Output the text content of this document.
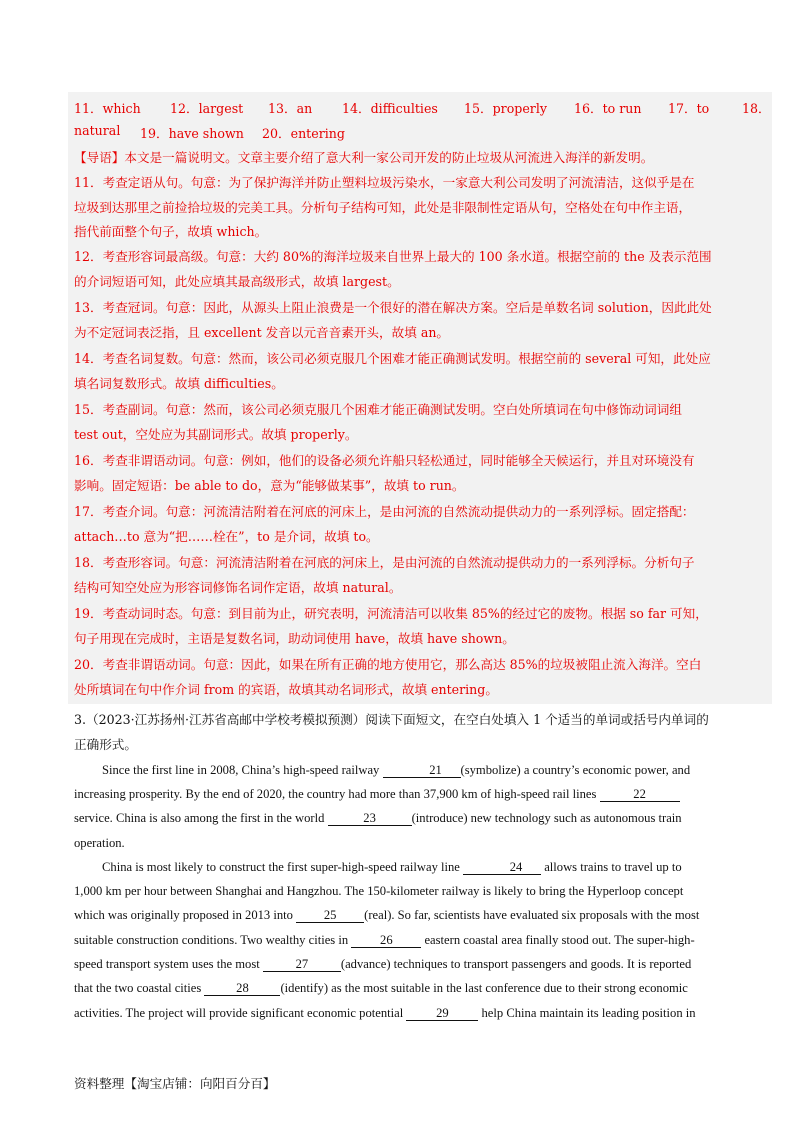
11．which 12．largest 13．an 14．difficulties 15．properly 16．to run 17．to	18．
natural 19．have shown 20．entering
【导语】本文是一篇说明文。文章主要介绍了意大利一家公司开发的防止垃圾从河流进入海洋的新发明。
11．考查定语从句。句意：为了保护海洋并防止塑料垃圾污染水，一家意大利公司发明了河流清洁，这似乎是在
垃圾到达那里之前捡拾垃圾的完美工具。分析句子结构可知，此处是非限制性定语从句，空格处在句中作主语，
指代前面整个句子，故填 which。
12．考查形容词最高级。句意：大约 80%的海洋垃圾来自世界上最大的 100 条水道。根据空前的 the 及表示范围
的介词短语可知，此处应填其最高级形式，故填 largest。
13．考查冠词。句意：因此，从源头上阻止浪费是一个很好的潜在解决方案。空后是单数名词 solution，因此此处
为不定冠词表泛指，且 excellent 发音以元音音素开头，故填 an。
14．考查名词复数。句意：然而，该公司必须克服几个困难才能正确测试发明。根据空前的 several 可知，此处应
填名词复数形式。故填 difficulties。
15．考查副词。句意：然而，该公司必须克服几个困难才能正确测试发明。空白处所填词在句中修饰动词词组
test out，空处应为其副词形式。故填 properly。
16．考查非谓语动词。句意：例如，他们的设备必须允许船只轻松通过，同时能够全天候运行，并且对环境没有
影响。固定短语：be able to do，意为“能够做某事”，故填 to run。
17．考查介词。句意：河流清洁附着在河底的河床上，是由河流的自然流动提供动力的一系列浮标。固定搭配：
attach…to 意为“把……栓在”，to 是介词，故填 to。
18．考查形容词。句意：河流清洁附着在河底的河床上，是由河流的自然流动提供动力的一系列浮标。分析句子
结构可知空处应为形容词修饰名词作定语，故填 natural。
19．考查动词时态。句意：到目前为止，研究表明，河流清洁可以收集 85%的经过它的废物。根据 so far 可知，
句子用现在完成时，主语是复数名词，助动词使用 have，故填 have shown。
20．考查非谓语动词。句意：因此，如果在所有正确的地方使用它，那么高达 85%的垃圾被阻止流入海洋。空白
处所填词在句中作介词 from 的宾语，故填其动名词形式，故填 entering。
3.（2023·江苏扬州·江苏省高邮中学校考模拟预测）阅读下面短文，在空白处填入 1 个适当的单词或括号内单词的
正确形式。
Since the first line in 2008, China’s high-speed railway	21 (symbolize) a country’s economic power, and
increasing prosperity. By the end of 2020, the country had more than 37,900 km of high-speed rail lines	22
service. China is also among the first in the world	23	(introduce) new technology such as autonomous train
operation.
China is most likely to construct the first super-high-speed railway line	24 allows trains to travel up to
1,000 km per hour between Shanghai and Hangzhou. The 150-kilometer railway is likely to bring the Hyperloop concept
which was originally proposed in 2013 into 25 (real). So far, scientists have evaluated six proposals with the most
suitable construction conditions. Two wealthy cities in 26 eastern coastal area finally stood out. The super-high-
speed transport system uses the most	27	(advance) techniques to transport passengers and goods. It is reported
that the two coastal cities	28	(identify) as the most suitable in the last conference due to their strong economic
activities. The project will provide significant economic potential 29 help China maintain its leading position in
资料整理【淘宝店铺：向阳百分百】
